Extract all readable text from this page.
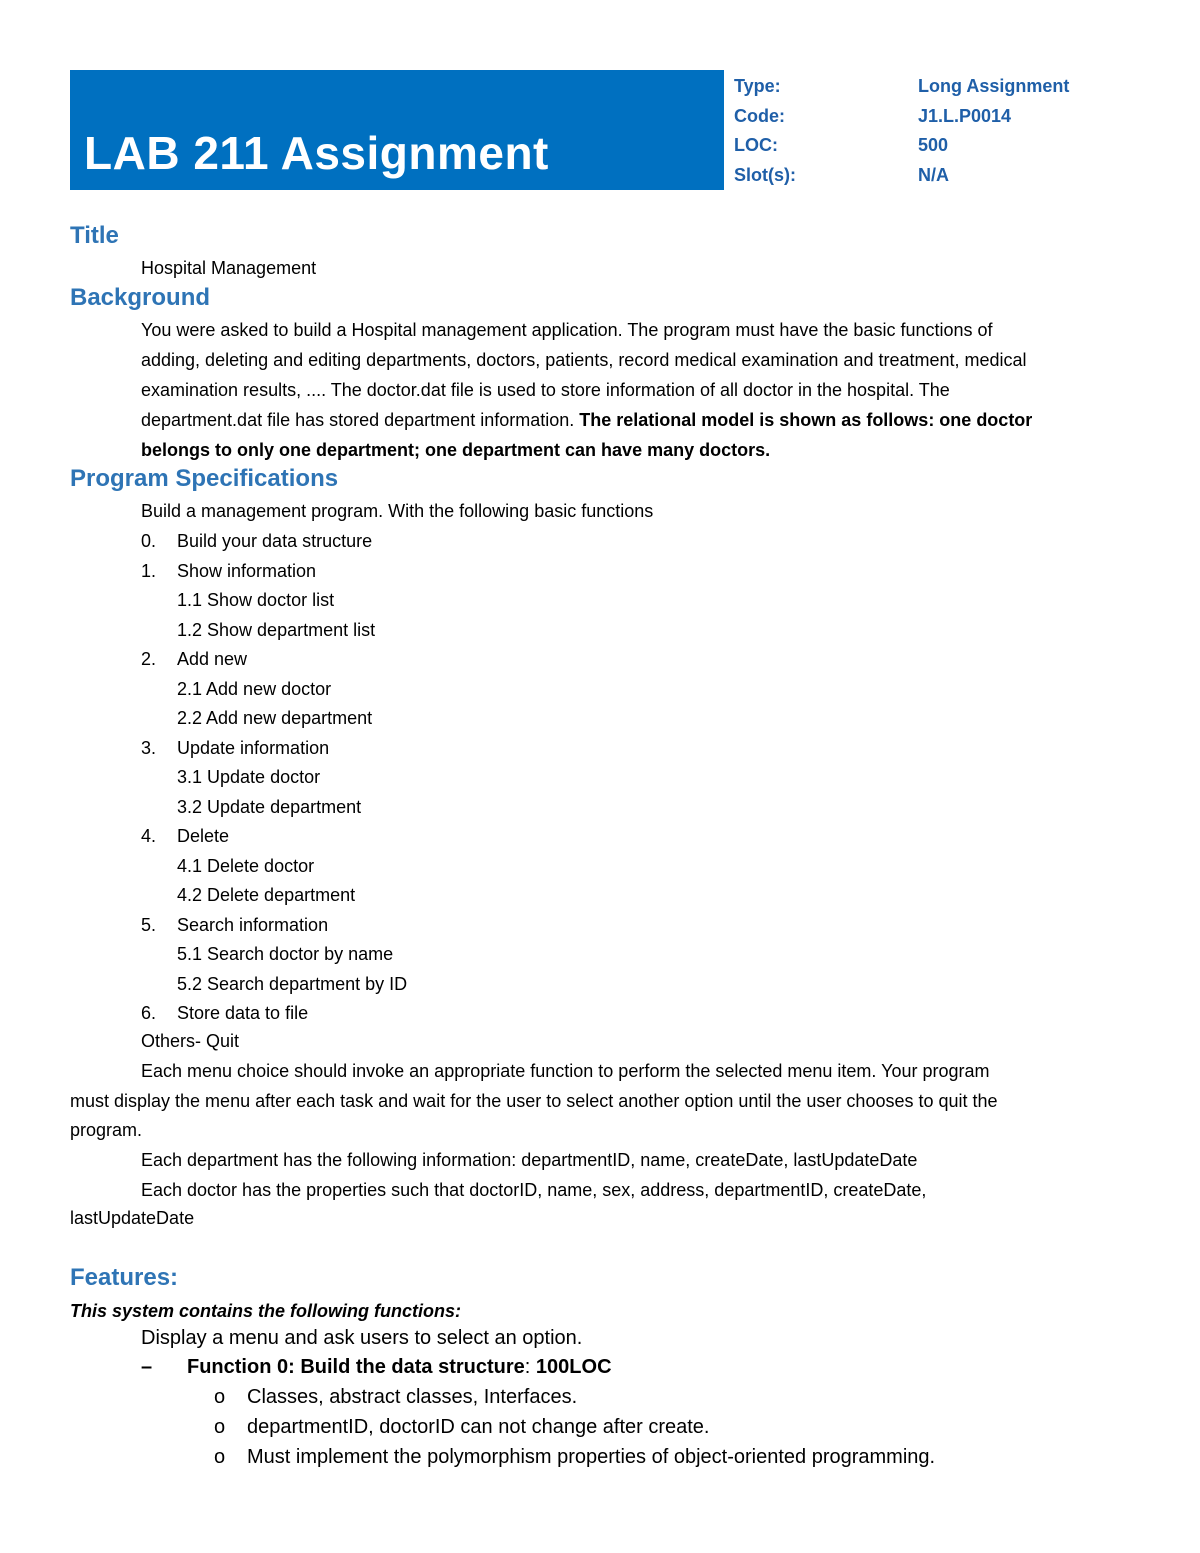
LAB 211 Assignment
Type:	Long Assignment
Code:	J1.L.P0014
LOC:	500
Slot(s):	N/A
Title
Hospital Management
Background
You were asked to build a Hospital management application. The program must have the basic functions of
adding, deleting and editing departments, doctors, patients, record medical examination and treatment, medical
examination results, .... The doctor.dat file is used to store information of all doctor in the hospital. The
department.dat file has stored department information. The relational model is shown as follows: one doctor
belongs to only one department; one department can have many doctors.
Program Specifications
Build a management program. With the following basic functions
0. Build your data structure
1. Show information
1.1 Show doctor list
1.2 Show department list
2. Add new
2.1 Add new doctor
2.2 Add new department
3. Update information
3.1 Update doctor
3.2 Update department
4. Delete
4.1 Delete doctor
4.2 Delete department
5. Search information
5.1 Search doctor by name
5.2 Search department by ID
6. Store data to file
Others- Quit
Each menu choice should invoke an appropriate function to perform the selected menu item. Your program
must display the menu after each task and wait for the user to select another option until the user chooses to quit the
program.
Each department has the following information: departmentID, name, createDate, lastUpdateDate
Each doctor has the properties such that doctorID, name, sex, address, departmentID, createDate,
lastUpdateDate
Features:
This system contains the following functions:
Display a menu and ask users to select an option.
– Function 0: Build the data structure: 100LOC
o Classes, abstract classes, Interfaces.
o departmentID, doctorID can not change after create.
o Must implement the polymorphism properties of object-oriented programming.
